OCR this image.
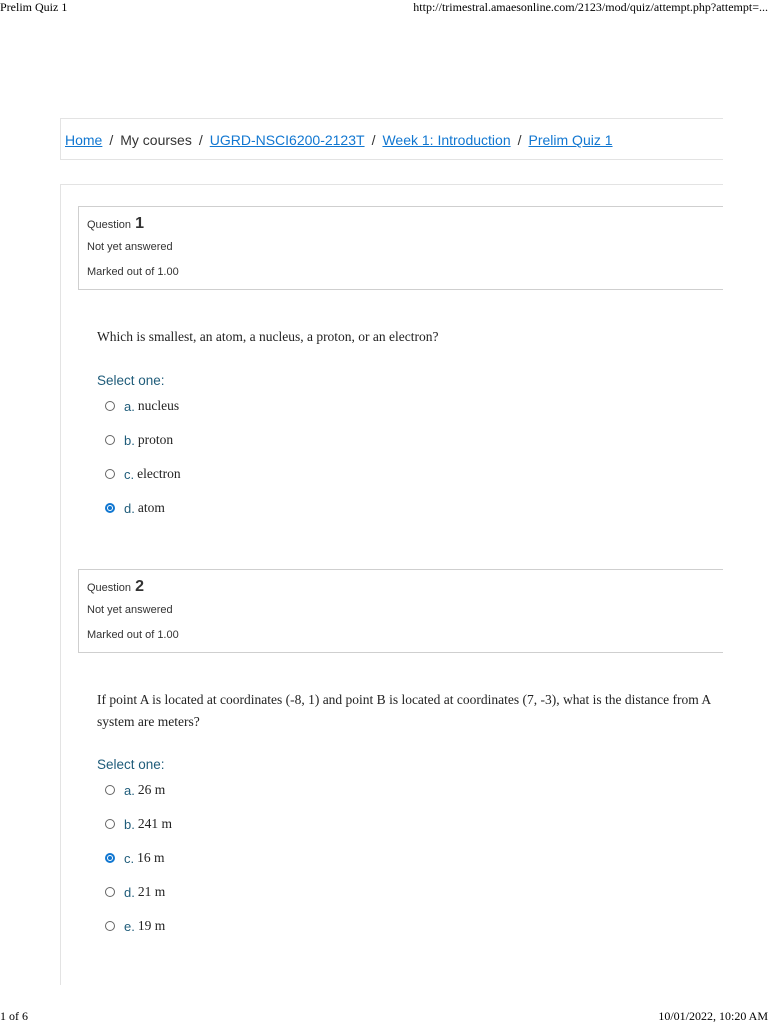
Prelim Quiz 1	http://trimestral.amaesonline.com/2123/mod/quiz/attempt.php?attempt=...
Home / My courses / UGRD-NSCI6200-2123T / Week 1: Introduction / Prelim Quiz 1
Question 1
Not yet answered
Marked out of 1.00
Which is smallest, an atom, a nucleus, a proton, or an electron?
Select one:
a. nucleus
b. proton
c. electron
d. atom
Question 2
Not yet answered
Marked out of 1.00
If point A is located at coordinates (-8, 1) and point B is located at coordinates (7, -3), what is the distance from A
system are meters?
Select one:
a. 26 m
b. 241 m
c. 16 m
d. 21 m
e. 19 m
1 of 6	10/01/2022, 10:20 AM
